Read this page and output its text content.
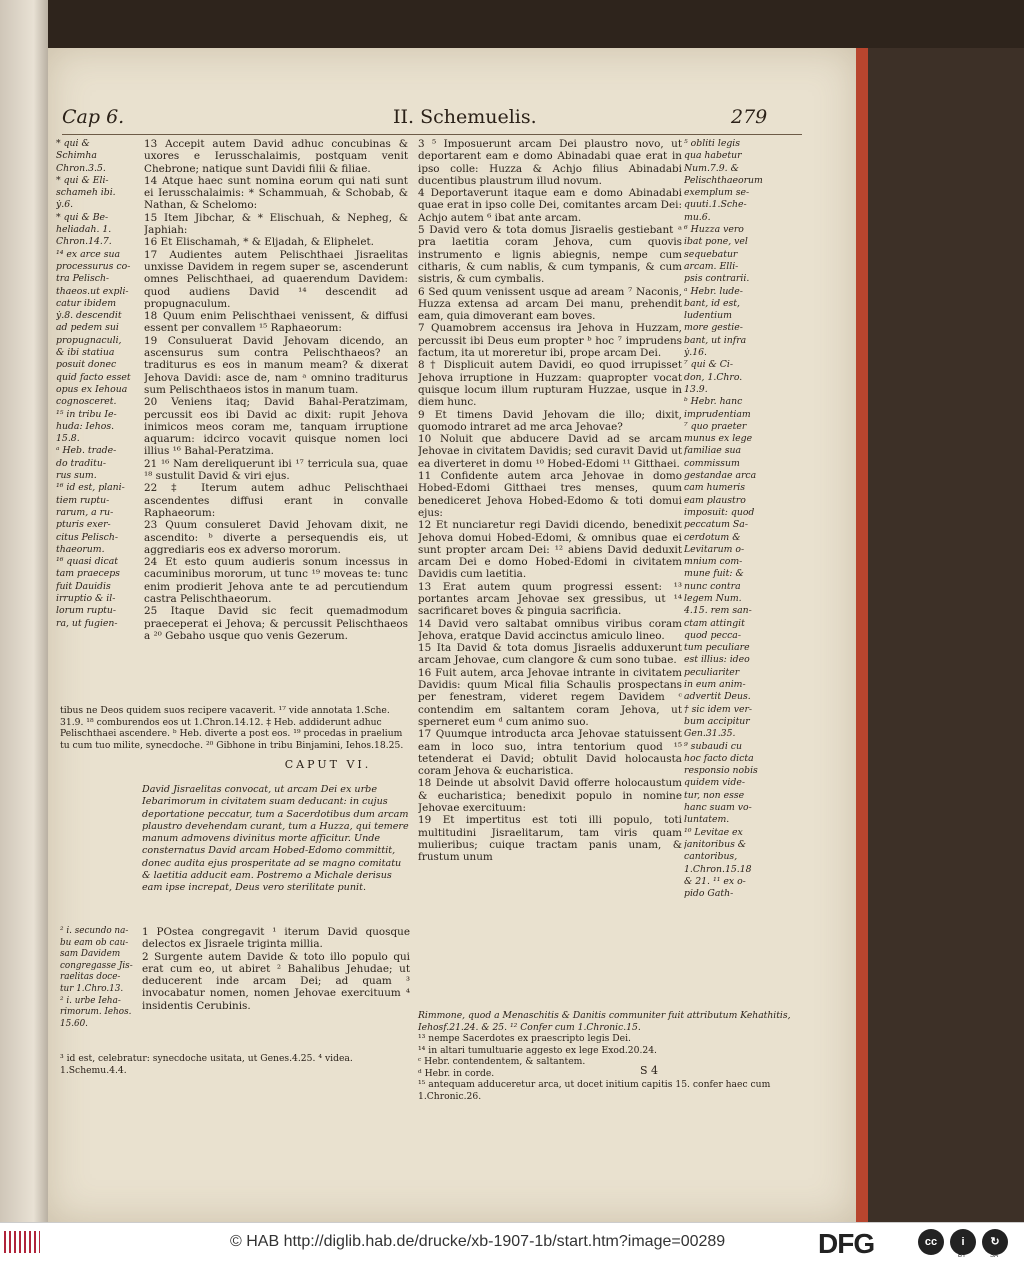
Cap 6.	II. Schemuelis.	279
* qui &
Schimha
Chron.3.5.
* qui & Eli-
schameh ibi.
ẏ.6.
* qui & Be-
heliadah. 1.
Chron.14.7.
¹⁴ ex arce sua
processurus co-
tra Pelisch-
thaeos.ut expli-
catur ibidem
ẏ.8. descendit
ad pedem sui
propugnaculi,
& ibi statiua
posuit donec
quid facto esset
opus ex Iehoua
cognosceret.
¹⁵ in tribu Ie-
huda: Iehos.
15.8.
ᵃ Heb. trade-
do traditu-
rus sum.
¹⁶ id est, plani-
tiem ruptu-
rarum, a ru-
pturis exer-
citus Pelisch-
thaeorum.
¹⁶ quasi dicat
tam praeceps
fuit Dauidis
irruptio & il-
lorum ruptu-
ra, ut fugien-

13 Accepit autem David adhuc concubinas & uxores e Ierusschalaimis, postquam venit Chebrone; natique sunt Davidi filii & filiae.

14 Atque haec sunt nomina eorum qui nati sunt ei Ierusschalaimis: * Schammuah, & Schobab, & Nathan, & Schelomo:

15 Item Jibchar, & * Elischuah, & Nepheg, & Japhiah:

16 Et Elischamah, * & Eljadah, & Eliphelet.

17 Audientes autem Pelischthaei Jisraelitas unxisse Davidem in regem super se, ascenderunt omnes Pelischthaei, ad quaerendum Davidem: quod audiens David ¹⁴ descendit ad propugnaculum.

18 Quum enim Pelischthaei venissent, & diffusi essent per convallem ¹⁵ Raphaeorum:

19 Consuluerat David Jehovam dicendo, an ascensurus sum contra Pelischthaeos? an traditurus es eos in manum meam? & dixerat Jehova Davidi: asce de, nam ᵃ omnino traditurus sum Pelischthaeos istos in manum tuam.

20 Veniens itaq; David Bahal-Peratzimam, percussit eos ibi David ac dixit: rupit Jehova inimicos meos coram me, tanquam irruptione aquarum: idcirco vocavit quisque nomen loci illius ¹⁶ Bahal-Peratzima.

21 ¹⁶ Nam dereliquerunt ibi ¹⁷ terricula sua, quae ¹⁸ sustulit David & viri ejus.

22 ‡ Iterum autem adhuc Pelischthaei ascendentes diffusi erant in convalle Raphaeorum:

23 Quum consuleret David Jehovam dixit, ne ascendito: ᵇ diverte a persequendis eis, ut aggrediaris eos ex adverso mororum.

24 Et esto quum audieris sonum incessus in cacuminibus mororum, ut tunc ¹⁹ moveas te: tunc enim prodierit Jehova ante te ad percutiendum castra Pelischthaeorum.

25 Itaque David sic fecit quemadmodum praeceperat ei Jehova; & percussit Pelischthaeos a ²⁰ Gebaho usque quo venis Gezerum.

tibus ne Deos quidem suos recipere vacaverit. ¹⁷ vide annotata 1.Sche. 31.9. ¹⁸ comburendos eos ut 1.Chron.14.12. ‡ Heb. addiderunt adhuc Pelischthaei ascendere. ᵇ Heb. diverte a post eos. ¹⁹ procedas in praelium tu cum tuo milite, synecdoche. ²⁰ Gibhone in tribu Binjamini, Iehos.18.25.
CAPUT VI.
David Jisraelitas convocat, ut arcam Dei ex urbe Iebarimorum in civitatem suam deducant: in cujus deportatione peccatur, tum a Sacerdotibus dum arcam plaustro devehendam curant, tum a Huzza, qui temere manum admovens divinitus morte afficitur. Unde consternatus David arcam Hobed-Edomo committit, donec audita ejus prosperitate ad se magno comitatu & laetitia adducit eam. Postremo a Michale derisus eam ipse increpat, Deus vero sterilitate punit.
² i. secundo na-
bu eam ob cau-
sam Davidem
congregasse Jis-
raelitas doce-
tur 1.Chro.13.
² i. urbe Ieha-
rimorum. Iehos.
15.60.

1 POstea congregavit ¹ iterum David quosque delectos ex Jisraele triginta millia.

2 Surgente autem Davide & toto illo populo qui erat cum eo, ut abiret ² Bahalibus Jehudae; ut deducerent inde arcam Dei; ad quam ³ invocabatur nomen, nomen Jehovae exercituum ⁴ insidentis Cerubinis.

³ id est, celebratur: synecdoche usitata, ut Genes.4.25. ⁴ videa. 1.Schemu.4.4.

3 ⁵ Imposuerunt arcam Dei plaustro novo, ut deportarent eam e domo Abinadabi quae erat in ipso colle: Huzza & Achjo filius Abinadabi ducentibus plaustrum illud novum.

4 Deportaverunt itaque eam e domo Abinadabi quae erat in ipso colle Dei, comitantes arcam Dei: Achjo autem ⁶ ibat ante arcam.

5 David vero & tota domus Jisraelis gestiebant ᵃ pra laetitia coram Jehova, cum quovis instrumento e lignis abiegnis, nempe cum citharis, & cum nablis, & cum tympanis, & cum sistris, & cum cymbalis.

6 Sed quum venissent usque ad aream ⁷ Naconis, Huzza extensa ad arcam Dei manu, prehendit eam, quia dimoverant eam boves.

7 Quamobrem accensus ira Jehova in Huzzam, percussit ibi Deus eum propter ᵇ hoc ⁷ imprudens factum, ita ut moreretur ibi, prope arcam Dei.

8 † Displicuit autem Davidi, eo quod irrupisset Jehova irruptione in Huzzam: quapropter vocat quisque locum illum rupturam Huzzae, usque in diem hunc.

9 Et timens David Jehovam die illo; dixit, quomodo intraret ad me arca Jehovae?

10 Noluit que abducere David ad se arcam Jehovae in civitatem Davidis; sed curavit David ut ea diverteret in domu ¹⁰ Hobed-Edomi ¹¹ Gitthaei.

11 Confidente autem arca Jehovae in domo Hobed-Edomi Gitthaei tres menses, quum benediceret Jehova Hobed-Edomo & toti domui ejus:

12 Et nunciaretur regi Davidi dicendo, benedixit Jehova domui Hobed-Edomi, & omnibus quae ei sunt propter arcam Dei: ¹² abiens David deduxit arcam Dei e domo Hobed-Edomi in civitatem Davidis cum laetitia.

13 Erat autem quum progressi essent: ¹³ portantes arcam Jehovae sex gressibus, ut ¹⁴ sacrificaret boves & pinguia sacrificia.

14 David vero saltabat omnibus viribus coram Jehova, eratque David accinctus amiculo lineo.

15 Ita David & tota domus Jisraelis adduxerunt arcam Jehovae, cum clangore & cum sono tubae.

16 Fuit autem, arca Jehovae intrante in civitatem Davidis: quum Mical filia Schaulis prospectans per fenestram, videret regem Davidem ᶜ contendim em saltantem coram Jehova, ut sperneret eum ᵈ cum animo suo.

17 Quumque introducta arca Jehovae statuissent eam in loco suo, intra tentorium quod ¹⁵ tetenderat ei David; obtulit David holocausta coram Jehova & eucharistica.

18 Deinde ut absolvit David offerre holocaustum & eucharistica; benedixit populo in nomine Jehovae exercituum:

19 Et impertitus est toti illi populo, toti multitudini Jisraelitarum, tam viris quam mulieribus; cuique tractam panis unam, & frustum unum

⁵ obliti legis
qua habetur
Num.7.9. &
Pelischthaeorum
exemplum se-
quuti.1.Sche-
mu.6.
⁶ Huzza vero
ibat pone, vel
sequebatur
arcam. Elli-
psis contrarii.
ᵃ Hebr. lude-
bant, id est,
ludentium
more gestie-
bant, ut infra
ẏ.16.
⁷ qui & Ci-
don, 1.Chro.
13.9.
ᵇ Hebr. hanc
imprudentiam
⁷ quo praeter
munus ex lege
familiae sua
commissum
gestandae arca
cam humeris
eam plaustro
imposuit: quod
peccatum Sa-
cerdotum &
Levitarum o-
mnium com-
mune fuit: &
nunc contra
legem Num.
4.15. rem san-
ctam attingit
quod pecca-
tum peculiare
est illius: ideo
peculiariter
in eum anim-
advertit Deus.
† sic idem ver-
bum accipitur
Gen.31.35.
⁹ subaudi cu
hoc facto dicta
responsio nobis
quidem vide-
tur, non esse
hanc suam vo-
luntatem.
¹⁰ Levitae ex
janitoribus &
cantoribus,
1.Chron.15.18
& 21. ¹¹ ex o-
pido Gath-
Rimmone, quod a Menaschitis & Danitis communiter fuit attributum Kehathitis, Iehosf.21.24. & 25. ¹² Confer cum 1.Chronic.15.
¹³ nempe Sacerdotes ex praescripto legis Dei.
¹⁴ in altari tumultuarie aggesto ex lege Exod.20.24.
ᶜ Hebr. contendentem, & saltantem.
ᵈ Hebr. in corde.
¹⁵ antequam adduceretur arca, ut docet initium capitis 15. confer haec cum 1.Chronic.26.
S 4
© HAB http://diglib.hab.de/drucke/xb-1907-1b/start.htm?image=00289	DFG	cc	i	↻
BY	SA
